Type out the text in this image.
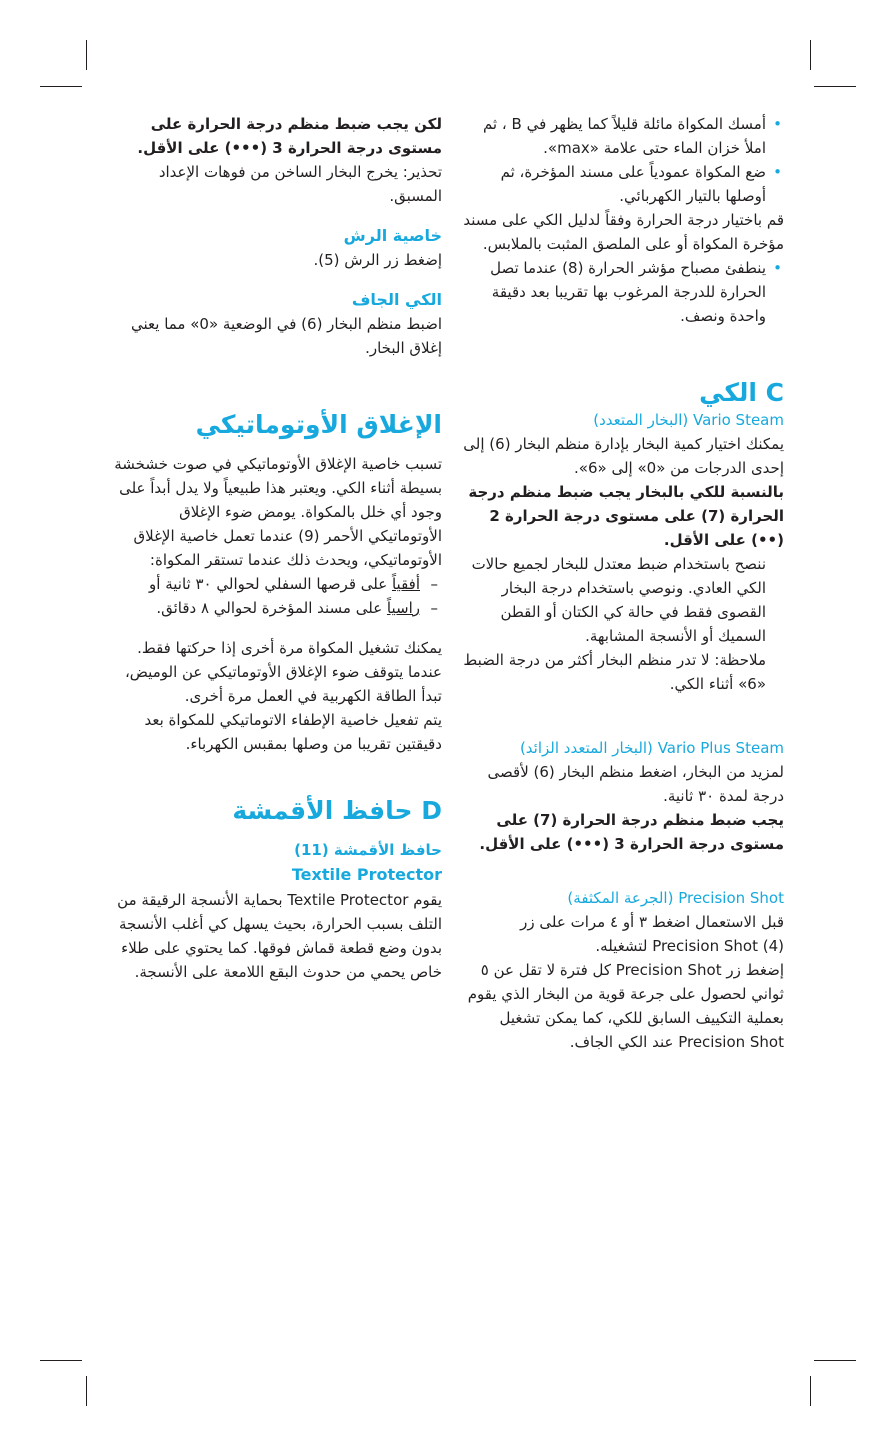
• أمسك المكواة مائلة قليلاً كما يظهر في B ، ثم املأ خزان الماء حتى علامة «max».
• ضع المكواة عمودياً على مسند المؤخرة، ثم أوصلها بالتيار الكهربائي.

قم باختيار درجة الحرارة وفقاً لدليل الكي على مسند مؤخرة المكواة أو على الملصق المثبت بالملابس.

• ينطفئ مصباح مؤشر الحرارة (8) عندما تصل الحرارة للدرجة المرغوب بها تقريبا بعد دقيقة واحدة ونصف.

C الكي

Vario Steam (البخار المتعدد)

يمكنك اختيار كمية البخار بإدارة منظم البخار (6) إلى إحدى الدرجات من «0» إلى «6».

بالنسبة للكي بالبخار يجب ضبط منظم درجة الحرارة (7) على مستوى درجة الحرارة 2 (••) على الأقل.

ننصح باستخدام ضبط معتدل للبخار لجميع حالات الكي العادي. ونوصي باستخدام درجة البخار القصوى فقط في حالة كي الكتان أو القطن السميك أو الأنسجة المشابهة.

ملاحظة: لا تدر منظم البخار أكثر من درجة الضبط «6» أثناء الكي.

Vario Plus Steam (البخار المتعدد الزائد)

لمزيد من البخار، اضغط منظم البخار (6) لأقصى درجة لمدة ٣٠ ثانية.

يجب ضبط منظم درجة الحرارة (7) على مستوى درجة الحرارة 3 (•••) على الأقل.

Precision Shot (الجرعة المكثفة)

قبل الاستعمال اضغط ٣ أو ٤ مرات على زر Precision Shot (4) لتشغيله.

إضغط زر Precision Shot كل فترة لا تقل عن ٥ ثواني لحصول على جرعة قوية من البخار الذي يقوم بعملية التكييف السابق للكي، كما يمكن تشغيل Precision Shot عند الكي الجاف.

لكن يجب ضبط منظم درجة الحرارة على مستوى درجة الحرارة 3 (•••) على الأقل.

تحذير: يخرج البخار الساخن من فوهات الإعداد المسبق.

خاصية الرش

إضغط زر الرش (5).

الكي الجاف

اضبط منظم البخار (6) في الوضعية «0» مما يعني إغلاق البخار.

الإغلاق الأوتوماتيكي

تسبب خاصية الإغلاق الأوتوماتيكي في صوت خشخشة بسيطة أثناء الكي. ويعتبر هذا طبيعياً ولا يدل أبداً على وجود أي خلل بالمكواة. يومض ضوء الإغلاق الأوتوماتيكي الأحمر (9) عندما تعمل خاصية الإغلاق الأوتوماتيكي، ويحدث ذلك عندما تستقر المكواة:

–
أفقياً على قرصها السفلي لحوالي ٣٠ ثانية أو

–
راسياً على مسند المؤخرة لحوالي ٨ دقائق.

يمكنك تشغيل المكواة مرة أخرى إذا حركتها فقط. عندما يتوقف ضوء الإغلاق الأوتوماتيكي عن الوميض، تبدأ الطاقة الكهربية في العمل مرة أخرى.

يتم تفعيل خاصية الإطفاء الاتوماتيكي للمكواة بعد دقيقتين تقريبا من وصلها بمقبس الكهرباء.

D حافظ الأقمشة

حافظ الأقمشة (11)

Textile Protector

يقوم Textile Protector بحماية الأنسجة الرقيقة من التلف بسبب الحرارة، بحيث يسهل كي أغلب الأنسجة بدون وضع قطعة قماش فوقها. كما يحتوي على طلاء خاص يحمي من حدوث البقع اللامعة على الأنسجة.
